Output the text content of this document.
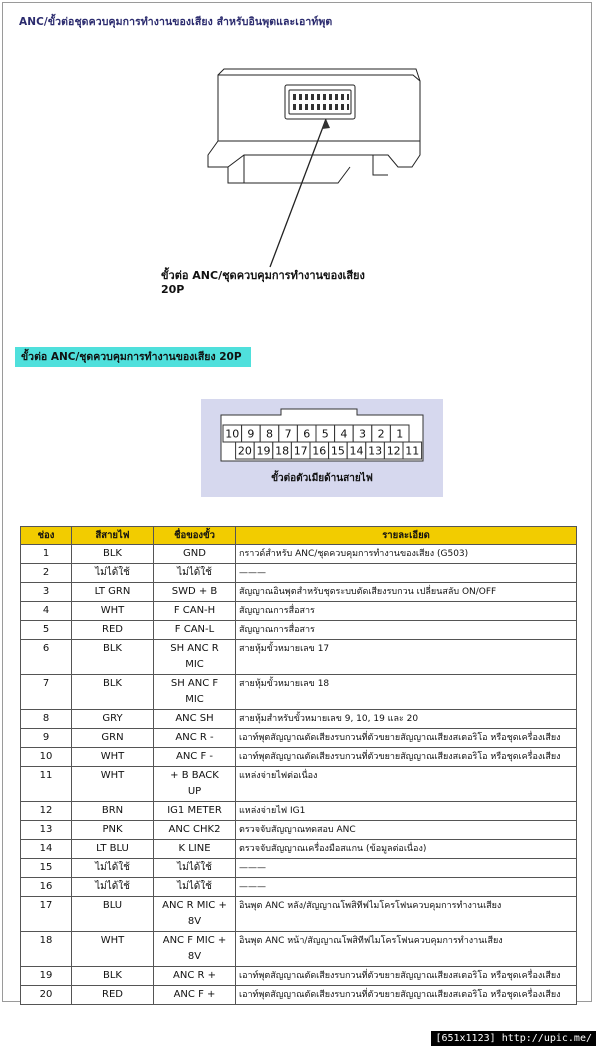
ANC/ขั้วต่อชุดควบคุมการทำงานของเสียง สำหรับอินพุตและเอาท์พุต
ขั้วต่อ ANC/ชุดควบคุมการทำงานของเสียง
20P
ขั้วต่อ ANC/ชุดควบคุมการทำงานของเสียง 20P
10 9 8 7 6 5 4 3 2 1
20 19 18 17 16 15 14 13 12 11
ขั้วต่อตัวเมียด้านสายไฟ
ช่อง	สีสายไฟ	ชื่อของขั้ว	รายละเอียด
1	BLK	GND	กราวด์สำหรับ ANC/ชุดควบคุมการทำงานของเสียง (G503)
2	ไม่ได้ใช้	ไม่ได้ใช้	———
3	LT GRN	SWD + B	สัญญาณอินพุตสำหรับชุดระบบตัดเสียงรบกวน เปลี่ยนสลับ ON/OFF
4	WHT	F CAN-H	สัญญาณการสื่อสาร
5	RED	F CAN-L	สัญญาณการสื่อสาร
6	BLK	SH ANC R
MIC	สายหุ้มขั้วหมายเลข 17
7	BLK	SH ANC F
MIC	สายหุ้มขั้วหมายเลข 18
8	GRY	ANC SH	สายหุ้มสำหรับขั้วหมายเลข 9, 10, 19 และ 20
9	GRN	ANC R -	เอาท์พุตสัญญาณตัดเสียงรบกวนที่ตัวขยายสัญญาณเสียงสเตอริโอ หรือชุดเครื่องเสียง
10	WHT	ANC F -	เอาท์พุตสัญญาณตัดเสียงรบกวนที่ตัวขยายสัญญาณเสียงสเตอริโอ หรือชุดเครื่องเสียง
11	WHT	+ B BACK
UP	แหล่งจ่ายไฟต่อเนื่อง
12	BRN	IG1 METER	แหล่งจ่ายไฟ IG1
13	PNK	ANC CHK2	ตรวจจับสัญญาณทดสอบ ANC
14	LT BLU	K LINE	ตรวจจับสัญญาณเครื่องมือสแกน (ข้อมูลต่อเนื่อง)
15	ไม่ได้ใช้	ไม่ได้ใช้	———
16	ไม่ได้ใช้	ไม่ได้ใช้	———
17	BLU	ANC R MIC +
8V	อินพุต ANC หลัง/สัญญาณโพสิทีฟไมโครโฟนควบคุมการทำงานเสียง
18	WHT	ANC F MIC +
8V	อินพุต ANC หน้า/สัญญาณโพสิทีฟไมโครโฟนควบคุมการทำงานเสียง
19	BLK	ANC R +	เอาท์พุตสัญญาณตัดเสียงรบกวนที่ตัวขยายสัญญาณเสียงสเตอริโอ หรือชุดเครื่องเสียง
20	RED	ANC F +	เอาท์พุตสัญญาณตัดเสียงรบกวนที่ตัวขยายสัญญาณเสียงสเตอริโอ หรือชุดเครื่องเสียง
[651x1123] http://upic.me/
